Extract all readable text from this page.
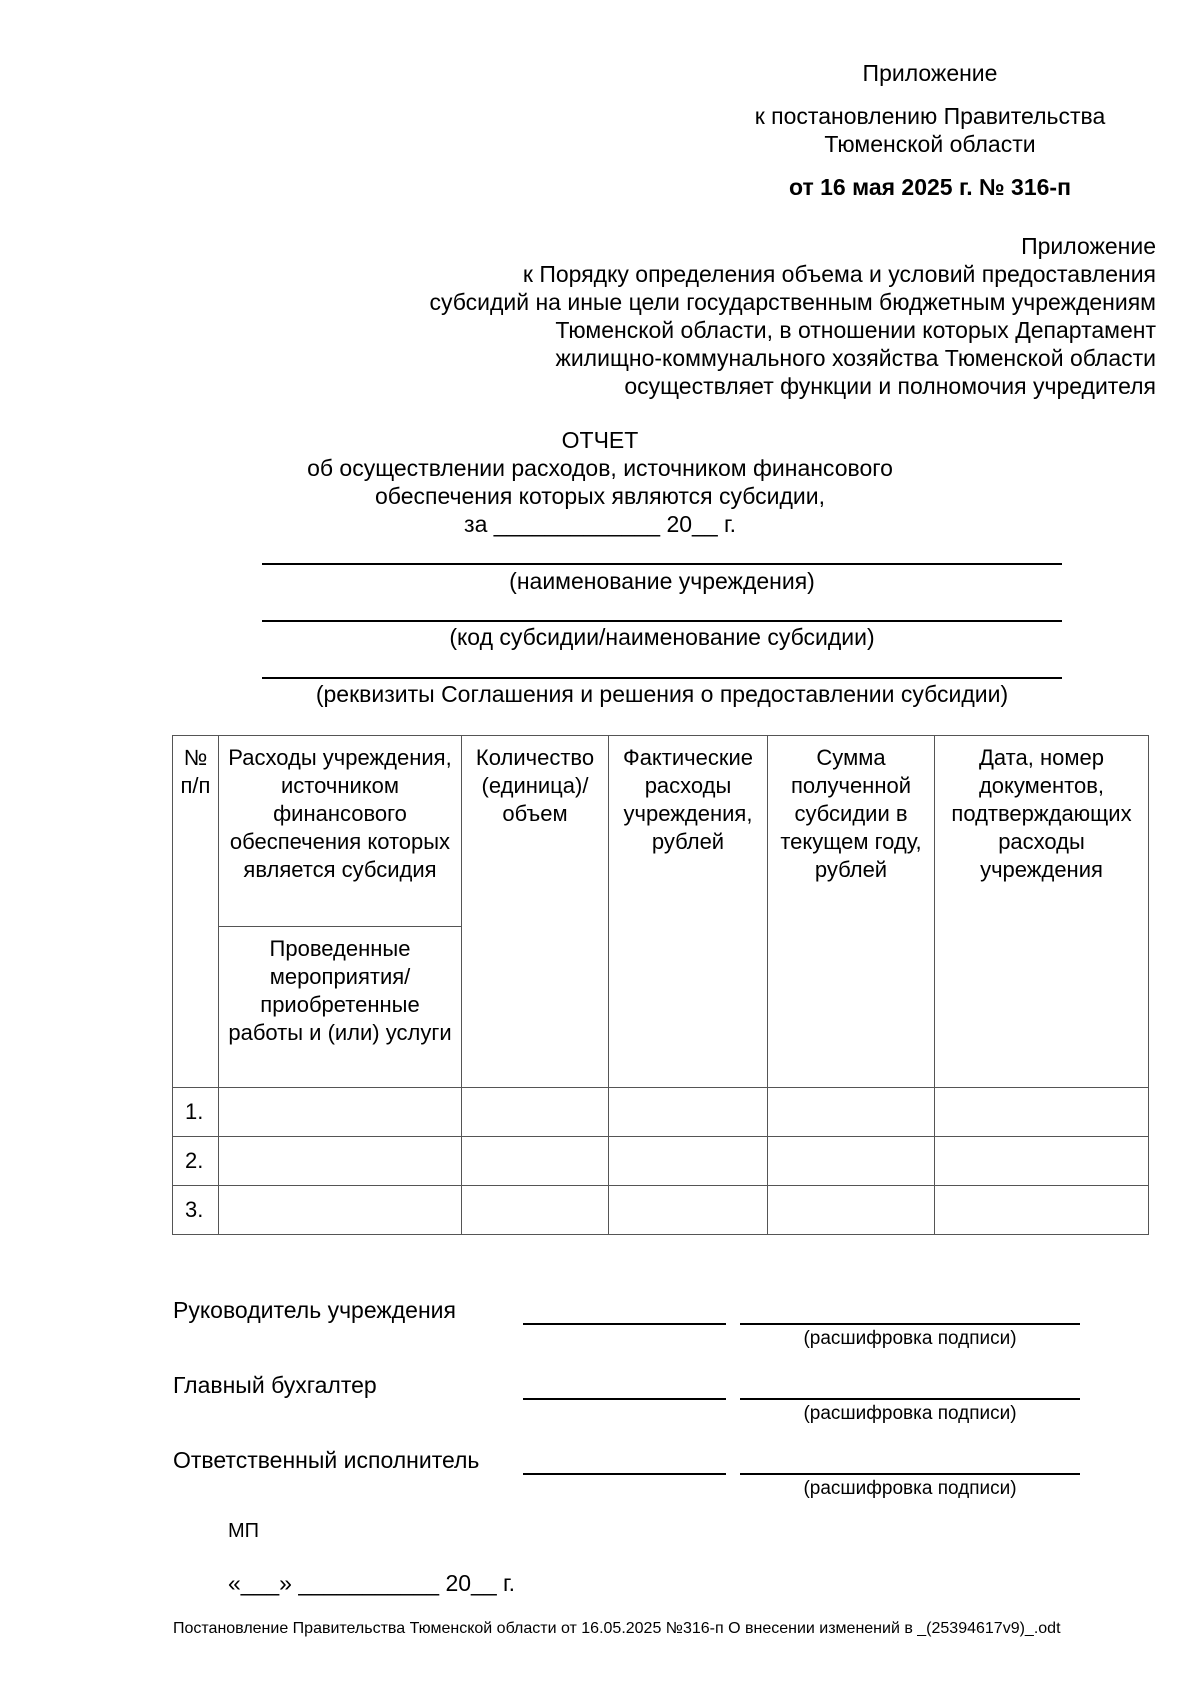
Приложение
к постановлению Правительства
Тюменской области
от 16 мая 2025 г. № 316-п
Приложение
к Порядку определения объема и условий предоставления
субсидий на иные цели государственным бюджетным учреждениям
Тюменской области, в отношении которых Департамент
жилищно-коммунального хозяйства Тюменской области
осуществляет функции и полномочия учредителя
ОТЧЕТ
об осуществлении расходов, источником финансового
обеспечения которых являются субсидии,
за _____________ 20__ г.
(наименование учреждения)
(код субсидии/наименование субсидии)
(реквизиты Соглашения и решения о предоставлении субсидии)
№ п/п	Расходы учреждения, источником финансового обеспечения которых является субсидия	Количество (единица)/ объем	Фактические расходы учреждения, рублей	Сумма полученной субсидии в текущем году, рублей	Дата, номер документов, подтверждающих расходы учреждения
	Проведенные мероприятия/ приобретенные работы и (или) услуги				
1.					
2.					
3.					
Руководитель учреждения
(расшифровка подписи)
Главный бухгалтер
(расшифровка подписи)
Ответственный исполнитель
(расшифровка подписи)
МП
«___» ___________ 20__ г.
Постановление Правительства Тюменской области от 16.05.2025 №316-п О внесении изменений в _(25394617v9)_.odt
